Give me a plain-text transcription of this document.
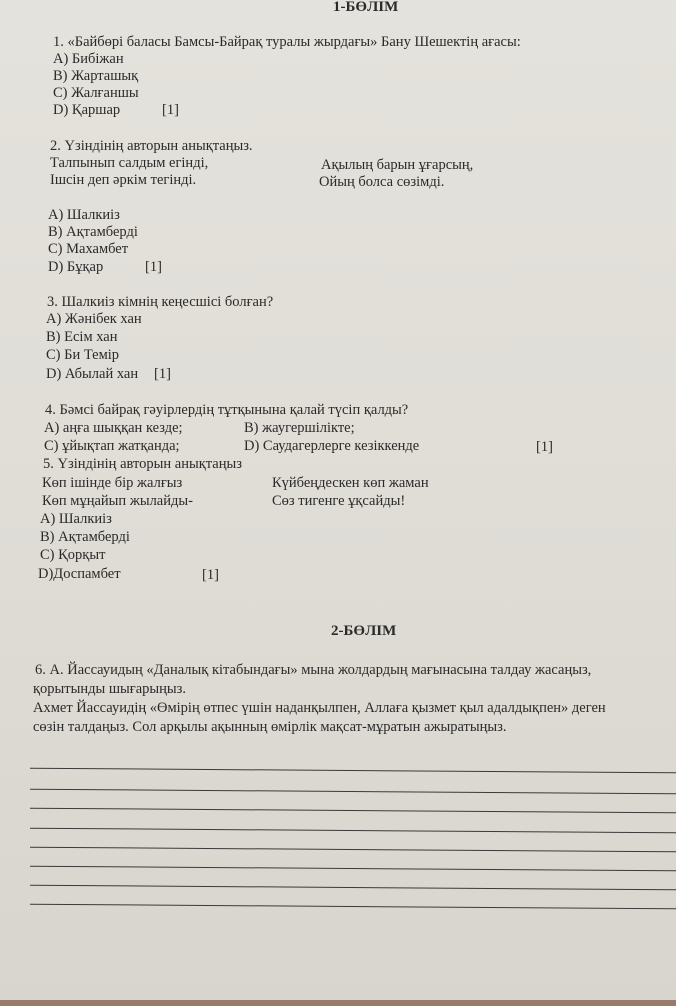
1-БӨЛІМ
1. «Байбөрі баласы Бамсы-Байрақ туралы жырдағы» Бану Шешектің ағасы:
A) Бибіжан
B) Жарташық
C) Жалғаншы
D) Қаршар	[1]
2. Үзіндінің авторын анықтаңыз.
Талпынып салдым егінді,
Ішсін деп әркім тегінді.
Ақылың барын ұғарсың,
Ойың болса сөзімді.
A) Шалкиіз
B) Ақтамберді
C) Махамбет
D) Бұқар	[1]
3. Шалкиіз кімнің кеңесшісі болған?
A) Жәнібек хан
B) Есім хан
C) Би Темір
D) Абылай хан [1]
4. Бәмсі байрақ гәуірлердің тұтқынына қалай түсіп қалды?
A) аңға шыққан кезде;	B) жаугершілікте;
C) ұйықтап жатқанда;	D) Саудагерлерге кезіккенде	[1]
5. Үзіндінің авторын анықтаңыз
Көп ішінде бір жалғыз
Көп мұңайып жылайды-
Күйбеңдескен көп жаман
Сөз тигенге ұқсайды!
A) Шалкиіз
B) Ақтамберді
C) Қорқыт
D)Доспамбет	[1]
2-БӨЛІМ
6. А. Йассауидың «Даналық кітабындағы» мына жолдардың мағынасына талдау жасаңыз,
қорытынды шығарыңыз.
Ахмет Йассауидің «Өмірің өтпес үшін наданқылпен, Аллаға қызмет қыл адалдықпен» деген
сөзін талдаңыз. Сол арқылы ақынның өмірлік мақсат-мұратын ажыратыңыз.
